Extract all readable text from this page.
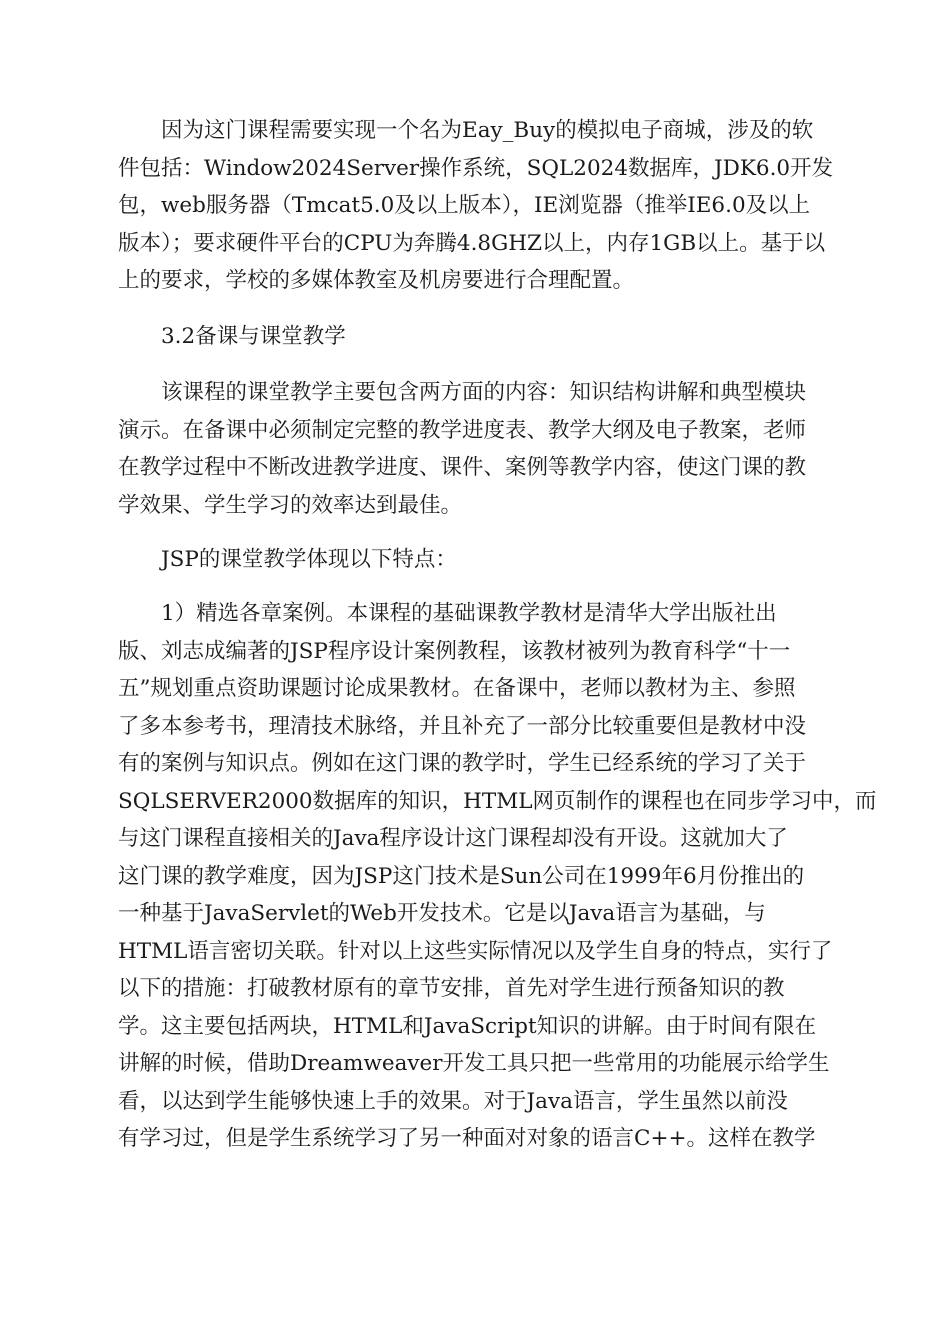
因为这门课程需要实现一个名为Eay_Buy的模拟电子商城，涉及的软
件包括：Window2024Server操作系统，SQL2024数据库，JDK6.0开发
包，web服务器（Tmcat5.0及以上版本），IE浏览器（推举IE6.0及以上
版本）；要求硬件平台的CPU为奔腾4.8GHZ以上，内存1GB以上。基于以
上的要求，学校的多媒体教室及机房要进行合理配置。
3.2备课与课堂教学
该课程的课堂教学主要包含两方面的内容：知识结构讲解和典型模块
演示。在备课中必须制定完整的教学进度表、教学大纲及电子教案，老师
在教学过程中不断改进教学进度、课件、案例等教学内容，使这门课的教
学效果、学生学习的效率达到最佳。
JSP的课堂教学体现以下特点：
1）精选各章案例。本课程的基础课教学教材是清华大学出版社出
版、刘志成编著的JSP程序设计案例教程，该教材被列为教育科学“十一
五”规划重点资助课题讨论成果教材。在备课中，老师以教材为主、参照
了多本参考书，理清技术脉络，并且补充了一部分比较重要但是教材中没
有的案例与知识点。例如在这门课的教学时，学生已经系统的学习了关于
SQLSERVER2000数据库的知识，HTML网页制作的课程也在同步学习中，而
与这门课程直接相关的Java程序设计这门课程却没有开设。这就加大了
这门课的教学难度，因为JSP这门技术是Sun公司在1999年6月份推出的
一种基于JavaServlet的Web开发技术。它是以Java语言为基础，与
HTML语言密切关联。针对以上这些实际情况以及学生自身的特点，实行了
以下的措施：打破教材原有的章节安排，首先对学生进行预备知识的教
学。这主要包括两块，HTML和JavaScript知识的讲解。由于时间有限在
讲解的时候，借助Dreamweaver开发工具只把一些常用的功能展示给学生
看，以达到学生能够快速上手的效果。对于Java语言，学生虽然以前没
有学习过，但是学生系统学习了另一种面对对象的语言C++。这样在教学
